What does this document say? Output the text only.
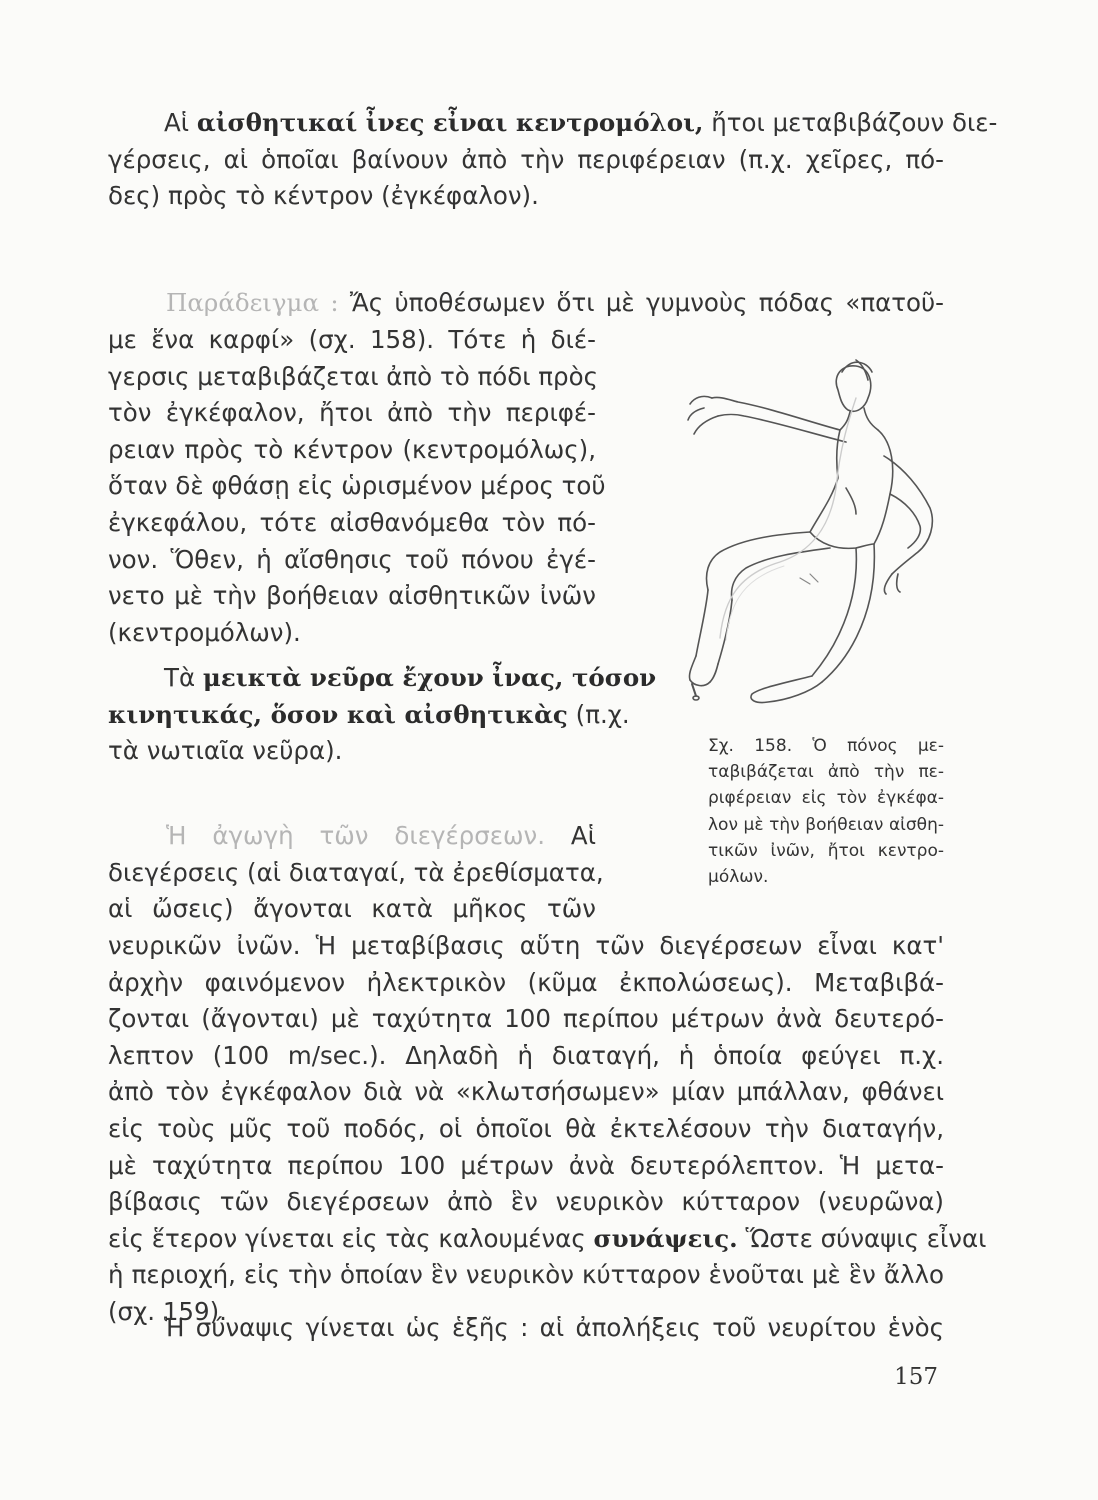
Αἱ αἰσθητικαί ἶνες εἶναι κεντρομόλοι, ἤτοι μεταβιβάζουν διε-
γέρσεις, αἱ ὁποῖαι βαίνουν ἀπὸ τὴν περιφέρειαν (π.χ. χεῖρες, πό-
δες) πρὸς τὸ κέντρον (ἐγκέφαλον).

Παράδειγμα : Ἄς ὑποθέσωμεν ὅτι μὲ γυμνοὺς πόδας «πατοῦ-

με ἕνα καρφί» (σχ. 158). Τότε ἡ διέ-
γερσις μεταβιβάζεται ἀπὸ τὸ πόδι πρὸς
τὸν ἐγκέφαλον, ἤτοι ἀπὸ τὴν περιφέ-
ρειαν πρὸς τὸ κέντρον (κεντρομόλως),
ὅταν δὲ φθάσῃ εἰς ὡρισμένον μέρος τοῦ
ἐγκεφάλου, τότε αἰσθανόμεθα τὸν πό-
νον. Ὅθεν, ἡ αἴσθησις τοῦ πόνου ἐγέ-
νετο μὲ τὴν βοήθειαν αἰσθητικῶν ἰνῶν
(κεντρομόλων).

Τὰ μεικτὰ νεῦρα ἔχουν ἶνας, τόσον
κινητικάς, ὅσον καὶ αἰσθητικὰς (π.χ.
τὰ νωτιαῖα νεῦρα).	Σχ. 158. Ὁ πόνος με-
ταβιβάζεται ἀπὸ τὴν πε-
ριφέρειαν εἰς τὸν ἐγκέφα-
λον μὲ τὴν βοήθειαν αἰσθη-
τικῶν ἰνῶν, ἤτοι κεντρο-
μόλων.

Ἡ ἀγωγὴ τῶν διεγέρσεων. Αἱ
διεγέρσεις (αἱ διαταγαί, τὰ ἐρεθίσματα,
αἱ ὤσεις) ἄγονται κατὰ μῆκος τῶν

νευρικῶν ἰνῶν. Ἡ μεταβίβασις αὕτη τῶν διεγέρσεων εἶναι κατ'
ἀρχὴν φαινόμενον ἠλεκτρικὸν (κῦμα ἐκπολώσεως). Μεταβιβά-
ζονται (ἄγονται) μὲ ταχύτητα 100 περίπου μέτρων ἀνὰ δευτερό-
λεπτον (100 m/sec.). Δηλαδὴ ἡ διαταγή, ἡ ὁποία φεύγει π.χ.
ἀπὸ τὸν ἐγκέφαλον διὰ νὰ «κλωτσήσωμεν» μίαν μπάλλαν, φθάνει
εἰς τοὺς μῦς τοῦ ποδός, οἱ ὁποῖοι θὰ ἐκτελέσουν τὴν διαταγήν,
μὲ ταχύτητα περίπου 100 μέτρων ἀνὰ δευτερόλεπτον. Ἡ μετα-
βίβασις τῶν διεγέρσεων ἀπὸ ἓν νευρικὸν κύτταρον (νευρῶνα)
εἰς ἕτερον γίνεται εἰς τὰς καλουμένας συνάψεις. Ὥστε σύναψις εἶναι
ἡ περιοχή, εἰς τὴν ὁποίαν ἓν νευρικὸν κύτταρον ἑνοῦται μὲ ἓν ἄλλο
(σχ. 159).

Ἡ σύναψις γίνεται ὡς ἑξῆς : αἱ ἀπολήξεις τοῦ νευρίτου ἑνὸς

157
